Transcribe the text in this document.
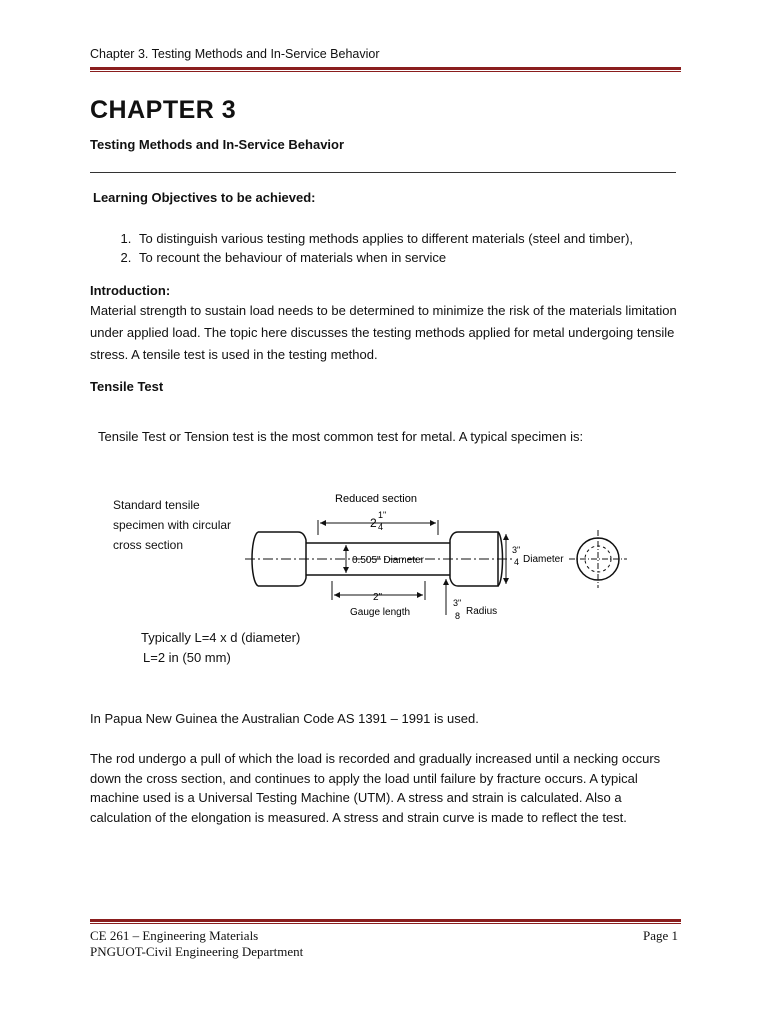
Chapter 3. Testing Methods and In-Service Behavior
CHAPTER 3
Testing Methods and In-Service Behavior
Learning Objectives to be achieved:
1. To distinguish various testing methods applies to different materials (steel and timber),
2. To recount the behaviour of materials when in service
Introduction:
Material strength to sustain load needs to be determined to minimize the risk of the materials limitation under applied load. The topic here discusses the testing methods applied for metal undergoing tensile stress. A tensile test is used in the testing method.
Tensile Test
Tensile Test or Tension test is the most common test for metal. A typical specimen is:
Standard tensile specimen with circular cross section
Reduced section
2
1"
4
0.505" Diameter
3"
4 Diameter
2"
Gauge length
3"
8 Radius
Typically L=4 x d (diameter)
L=2 in (50 mm)
In Papua New Guinea the Australian Code AS 1391 – 1991 is used.
The rod undergo a pull of which the load is recorded and gradually increased until a necking occurs down the cross section, and continues to apply the load until failure by fracture occurs. A typical machine used is a Universal Testing Machine (UTM). A stress and strain is calculated. Also a calculation of the elongation is measured. A stress and strain curve is made to reflect the test.
CE 261 – Engineering Materials
PNGUOT-Civil Engineering Department
Page 1
